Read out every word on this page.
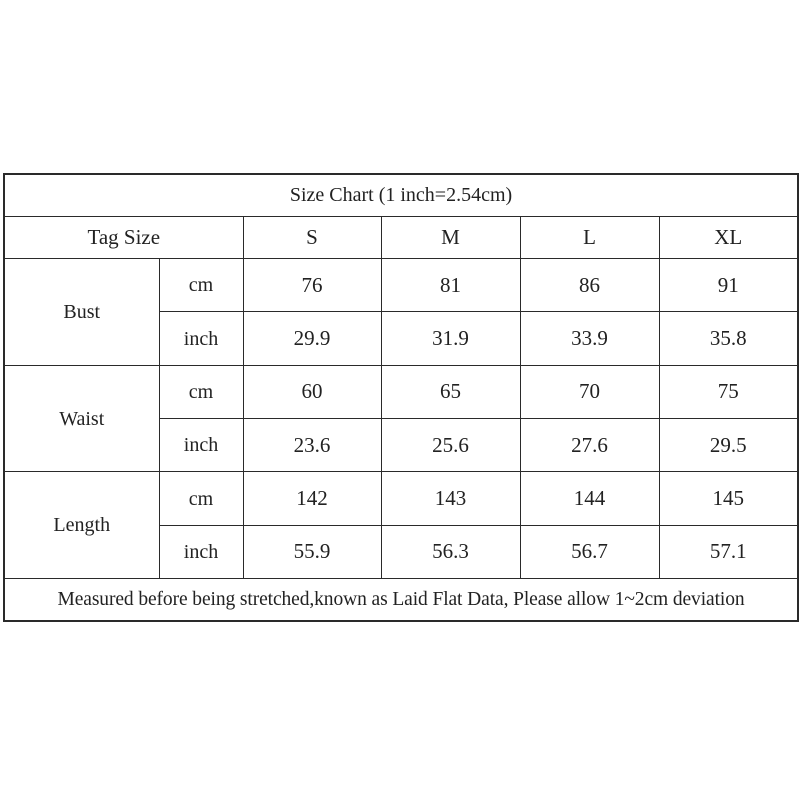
Size Chart (1 inch=2.54cm)					
Tag Size		S	M	L	XL
Bust	cm	76	81	86	91
	inch	29.9	31.9	33.9	35.8
Waist	cm	60	65	70	75
	inch	23.6	25.6	27.6	29.5
Length	cm	142	143	144	145
	inch	55.9	56.3	56.7	57.1
Measured before being stretched,known as Laid Flat Data, Please allow 1~2cm deviation					
